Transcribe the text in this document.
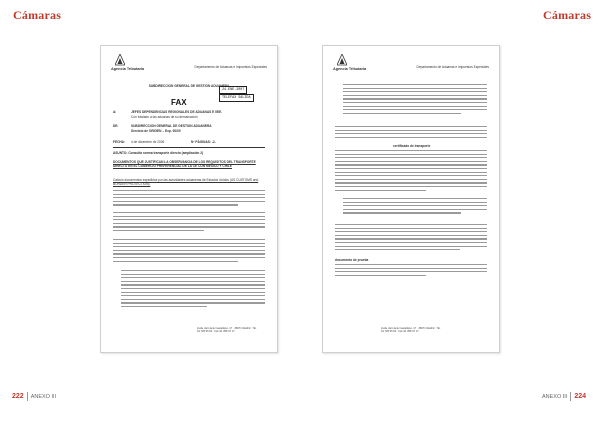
Cámaras	Cámaras
222 ANEXO III	ANEXO III 224
Agencia Tributaria	Departamento de Aduanas e Impuestos Especiales
SUBDIRECCION GENERAL DE GESTION ADUANERA
24.ENE.2007
TELEFAX SALIDA
FAX
A:	JEFES DEPENDENCIAS REGIONALES DE ADUANAS E IIEE.
Con traslado a las aduanas de su demarcación
DE:	SUBDIRECCION GENERAL DE GESTION ADUANERA
Servicio de ORIGEN – Exp. 00/00
FECHA:	4 de diciembre de 2006	Nº PÁGINAS: -2-
ASUNTO: Consulta norma transporte directo (ampliación 2)
DOCUMENTOS QUE JUSTIFICAN LA OBSERVANCIA DE LOS REQUISITOS DEL TRANSPORTE DIRECTO EN EL COMERCIO PREFERENCIAL DE LA CE CON MÉXICO Y CHILE
Cálculo documentos expedidos por las autoridades aduaneras de Estados Unidos (US CUSTOMS and BORDER PROTECTION).
Avda. del Llano Castellano, 17 · 28071 Madrid · Tel. 91 728 95 00 · Fax 91 358 47 17
Agencia Tributaria	Departamento de Aduanas e Impuestos Especiales
certificado de transporte
documento de prueba
Avda. del Llano Castellano, 17 · 28071 Madrid · Tel. 91 728 95 00 · Fax 91 358 47 17
